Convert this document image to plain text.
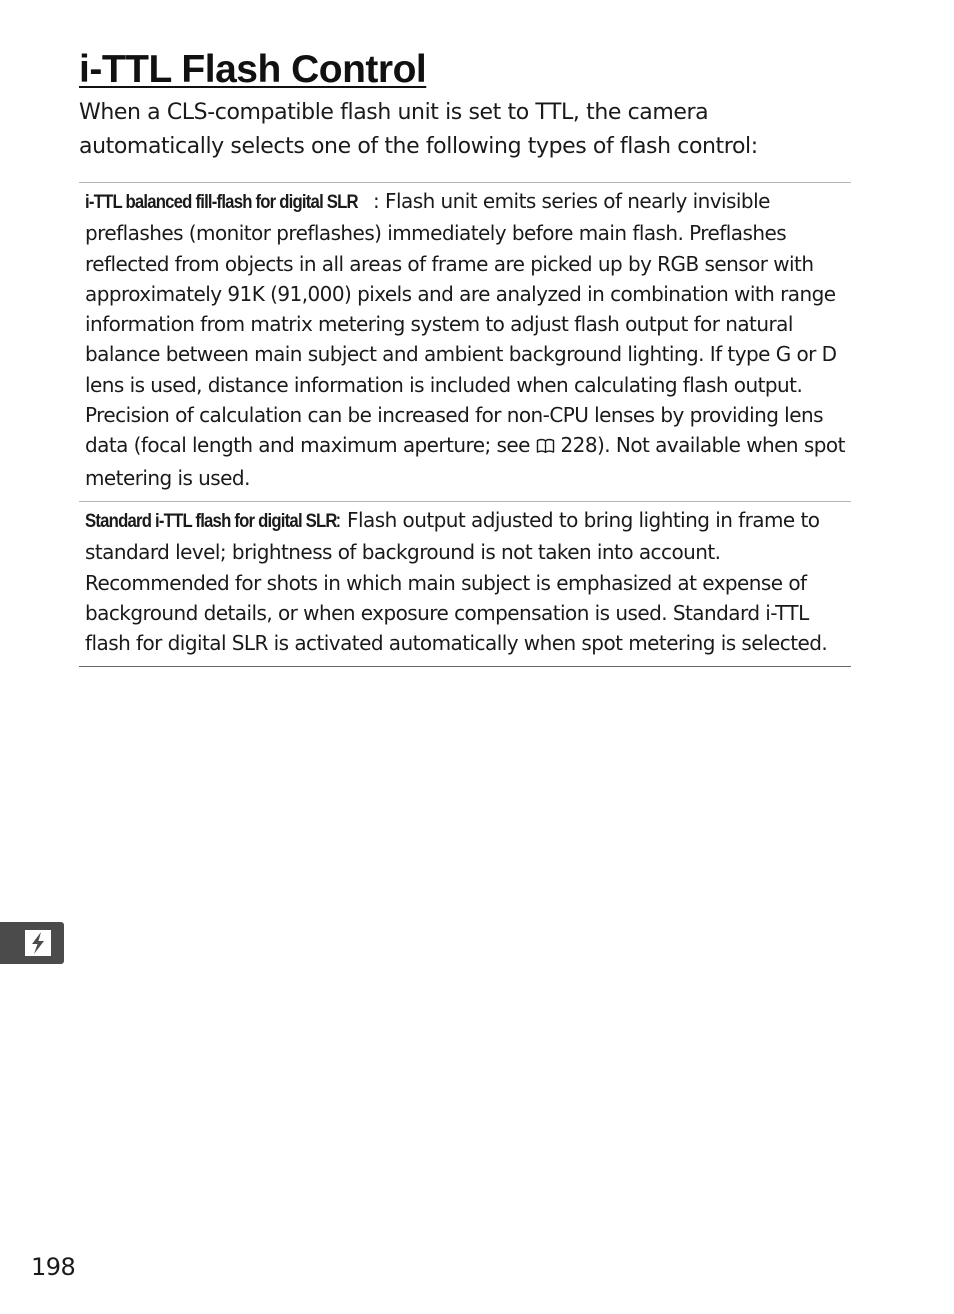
i-TTL Flash Control

When a CLS-compatible flash unit is set to TTL, the camera automatically selects one of the following types of flash control:

i-TTL balanced fill-flash for digital SLR : Flash unit emits series of nearly invisible preflashes (monitor preflashes) immediately before main flash. Preflashes reflected from objects in all areas of frame are picked up by RGB sensor with approximately 91K (91,000) pixels and are analyzed in combination with range information from matrix metering system to adjust flash output for natural balance between main subject and ambient background lighting. If type G or D lens is used, distance information is included when calculating flash output. Precision of calculation can be increased for non-CPU lenses by providing lens data (focal length and maximum aperture; see  228). Not available when spot metering is used.
Standard i-TTL flash for digital SLR: Flash output adjusted to bring lighting in frame to standard level; brightness of background is not taken into account. Recommended for shots in which main subject is emphasized at expense of background details, or when exposure compensation is used. Standard i-TTL flash for digital SLR is activated automatically when spot metering is selected.
198
